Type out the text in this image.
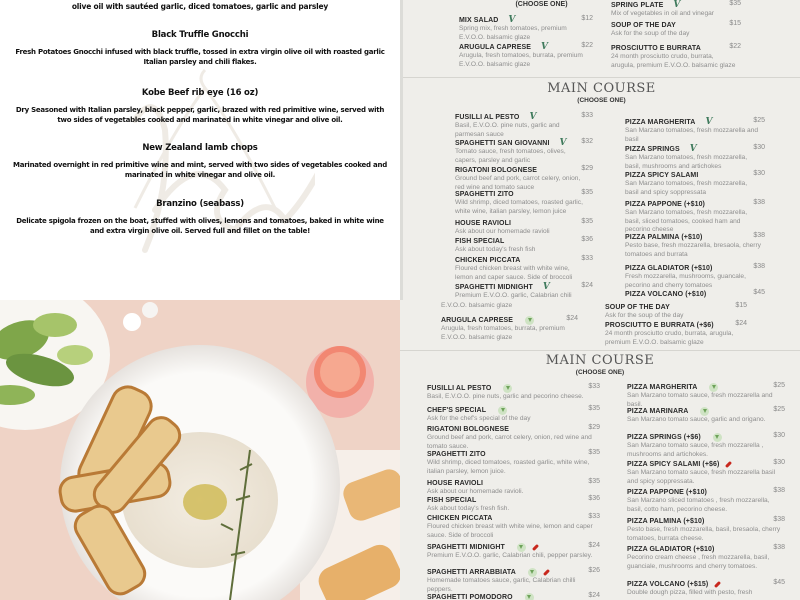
olive oil with sautéed garlic, diced tomatoes, garlic and parsley
Black Truffle Gnocchi
Fresh Potatoes Gnocchi infused with black truffle, tossed in extra virgin olive oil with roasted garlic Italian parsley and chili flakes.
Kobe Beef rib eye (16 oz)
Dry Seasoned with Italian parsley, black pepper, garlic, brazed with red primitive wine, served with two sides of vegetables cooked and marinated in white vinegar and olive oil.
New Zealand lamb chops
Marinated overnight in red primitive wine and mint, served with two sides of vegetables cooked and marinated in white vinegar and olive oil.
Branzino (seabass)
Delicate spigola frozen on the boat, stuffed with olives, lemons and tomatoes, baked in white wine and extra virgin olive oil. Served full and fillet on the table!
(CHOOSE ONE)
MAIN COURSE
(CHOOSE ONE)
MIX SALAD V	$12
Spring mix, fresh tomatoes, premium E.V.O.O. balsamic glaze
ARUGULA CAPRESE V	$22
Arugula, fresh tomatoes, burrata, premium E.V.O.O. balsamic glaze
SPRING PLATE V	$35
Mix of vegetables in oil and vinegar
SOUP OF THE DAY	$15
Ask for the soup of the day
PROSCIUTTO E BURRATA	$22
24 month prosciutto crudo, burrata, arugula, premium E.V.O.O. balsamic glaze
FUSILLI AL PESTO V	$33
Basil, E.V.O.O. pine nuts, garlic and parmesan sauce
SPAGHETTI SAN GIOVANNI V $32
Tomato sauce, fresh tomatoes, olives, capers, parsley and garlic
RIGATONI BOLOGNESE	$29
Ground beef and pork, carrot celery, onion, red wine and tomato sauce
SPAGHETTI ZITO	$35
Wild shrimp, diced tomatoes, roasted garlic, white wine, italian parsley, lemon juice
HOUSE RAVIOLI	$35
Ask about our homemade ravioli
FISH SPECIAL	$36
Ask about today's fresh fish
CHICKEN PICCATA	$33
Floured chicken breast with white wine, lemon and caper sauce. Side of broccoli
SPAGHETTI MIDNIGHT V	$24
Premium E.V.O.O. garlic, Calabrian chili
PIZZA MARGHERITA V	$25
San Marzano tomatoes, fresh mozzarella and basil
PIZZA SPRINGS V	$30
San Marzano tomatoes, fresh mozzarella, basil, mushrooms and artichokes
PIZZA SPICY SALAMI	$30
San Marzano tomatoes, fresh mozzarella, basil and spicy soppressata
PIZZA PAPPONE (+$10)	$38
San Marzano tomatoes, fresh mozzarella, basil, sliced tomatoes, cooked ham and pecorino cheese
PIZZA PALMINA (+$10)	$38
Pesto base, fresh mozzarella, bresaola, cherry tomatoes and burrata
PIZZA GLADIATOR (+$10)	$38
Fresh mozzarella, mushrooms, guancale, pecorino and cherry tomatoes
PIZZA VOLCANO (+$10)	$45
MAIN COURSE
(CHOOSE ONE)
E.V.O.O. balsamic glaze
ARUGULA CAPRESE	$24
Arugula, fresh tomatoes, burrata, premium E.V.O.O. balsamic glaze
SOUP OF THE DAY	$15
Ask for the soup of the day
PROSCIUTTO E BURRATA (+$6)	$24
24 month prosciutto crudo, burrata, arugula, premium E.V.O.O. balsamic glaze
FUSILLI AL PESTO	$33
Basil, E.V.O.O. pine nuts, garlic and pecorino cheese.
CHEF'S SPECIAL	$35
Ask for the chef's special of the day
RIGATONI BOLOGNESE	$29
Ground beef and pork, carrot celery, onion, red wine and tomato sauce.
SPAGHETTI ZITO	$35
Wild shrimp, diced tomatoes, roasted garlic, white wine, italian parsley, lemon juice.
HOUSE RAVIOLI	$35
Ask about our homemade ravioli.
FISH SPECIAL	$36
Ask about today's fresh fish.
CHICKEN PICCATA	$33
Floured chicken breast with white wine, lemon and caper sauce. Side of broccoli
SPAGHETTI MIDNIGHT	$24
Premium E.V.O.O. garlic, Calabrian chili, pepper parsley.
SPAGHETTI ARRABBIATA	$26
Homemade tomatoes sauce, garlic, Calabrian chilli peppers.
SPAGHETTI POMODORO	$24
PIZZA MARGHERITA	$25
San Marzano tomato sauce, fresh mozzarella and basil.
PIZZA MARINARA	$25
San Marzano tomato sauce, garlic and origano.
PIZZA SPRINGS (+$6)	$30
San Marzano tomato sauce, fresh mozzarella , mushrooms and artichokes.
PIZZA SPICY SALAMI (+$6)	$30
San Marzano tomato sauce, fresh mozzarella basil and spicy soppressata.
PIZZA PAPPONE (+$10)	$38
San Marzano sliced tomatoes , fresh mozzarella, basil, cotto ham, pecorino cheese.
PIZZA PALMINA (+$10)	$38
Pesto base, fresh mozzarella, basil, bresaola, cherry tomatoes, burrata cheese.
PIZZA GLADIATOR (+$10)	$38
Pecorino cream cheese , fresh mozzarella, basil, guanciale, mushrooms and cherry tomatoes.
PIZZA VOLCANO (+$15)	$45
Double dough pizza, filled with pesto, fresh
